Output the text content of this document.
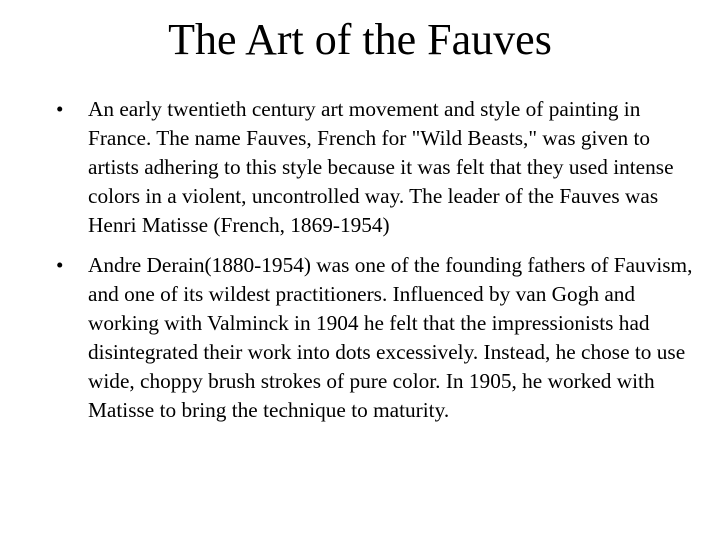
The Art of the Fauves
•	An early twentieth century art movement and style of painting in France. The name Fauves, French for "Wild Beasts," was given to artists adhering to this style because it was felt that they used intense colors in a violent, uncontrolled way. The leader of the Fauves was Henri Matisse (French, 1869-1954)
•	Andre Derain(1880-1954) was one of the founding fathers of Fauvism, and one of its wildest practitioners. Influenced by van Gogh and working with Valminck in 1904 he felt that the impressionists had disintegrated their work into dots excessively. Instead, he chose to use wide, choppy brush strokes of pure color. In 1905, he worked with Matisse to bring the technique to maturity.
